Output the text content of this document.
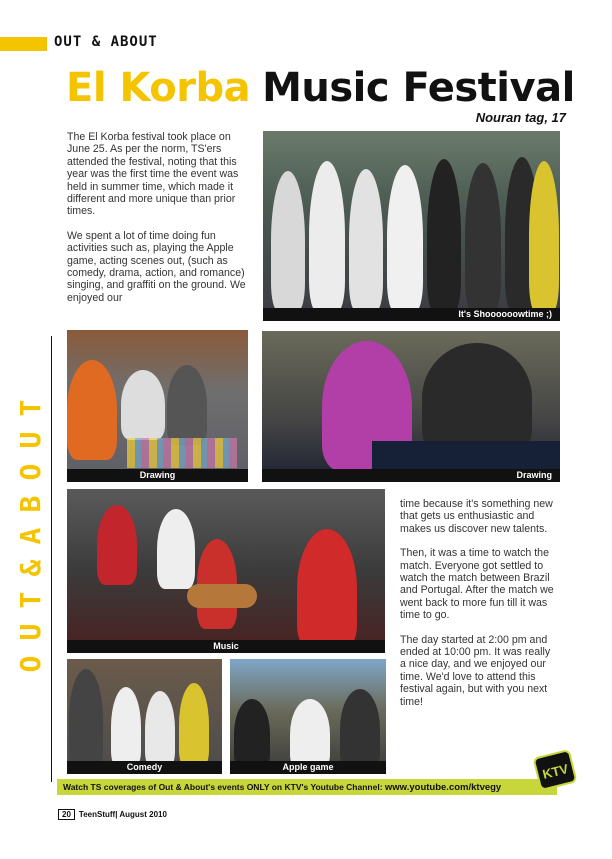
OUT & ABOUT
El Korba Music Festival
Nouran tag, 17

The El Korba festival took place on June 25. As per the norm, TS'ers attended the festival, noting that this year was the first time the event was held in summer time, which made it different and more unique than prior times.

We spent a lot of time doing fun activities such as, playing the Apple game, acting scenes out, (such as comedy, drama, action, and romance) singing, and graffiti on the ground. We enjoyed our

It's Shoooooowtime ;)
Drawing	Drawing
Music
Comedy	Apple game

time because it's something new that gets us enthusiastic and makes us discover new talents.

Then, it was a time to watch the match. Everyone got settled to watch the match between Brazil and Portugal. After the match we went back to more fun till it was time to go.

The day started at 2:00 pm and ended at 10:00 pm. It was really a nice day, and we enjoyed our time. We'd love to attend this festival again, but with you next time!

T
U
O
B
A
&
T
U
O
Watch TS coverages of Out & About's events ONLY on KTV's Youtube Channel: www.youtube.com/ktvegy
KTV
20	TeenStuff| August 2010
